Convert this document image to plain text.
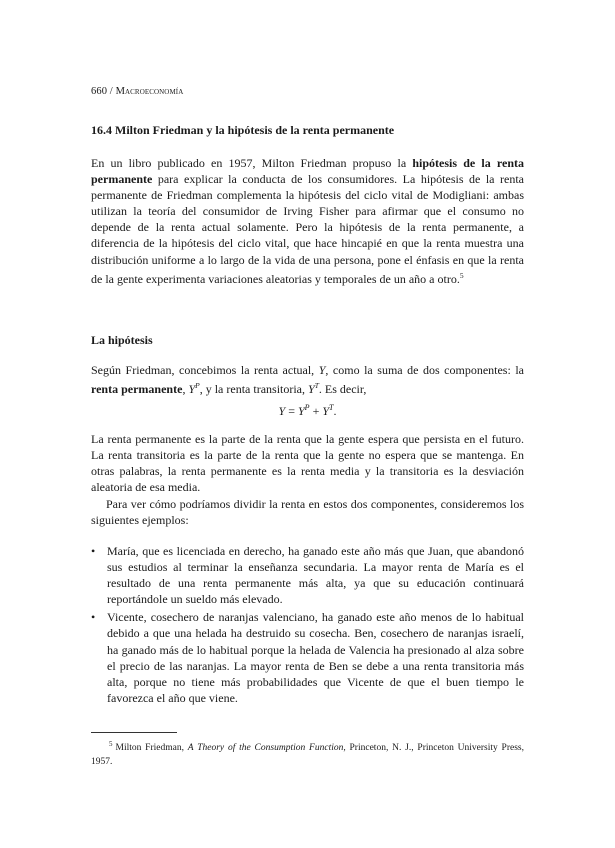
660 / Macroeconomía
16.4 Milton Friedman y la hipótesis de la renta permanente

En un libro publicado en 1957, Milton Friedman propuso la hipótesis de la renta permanente para explicar la conducta de los consumidores. La hipótesis de la renta permanente de Friedman complementa la hipótesis del ciclo vital de Modigliani: ambas utilizan la teoría del consumidor de Irving Fisher para afirmar que el consumo no depende de la renta actual solamente. Pero la hipótesis de la renta permanente, a diferencia de la hipótesis del ciclo vital, que hace hincapié en que la renta muestra una distribución uniforme a lo largo de la vida de una persona, pone el énfasis en que la renta de la gente experimenta variaciones aleatorias y temporales de un año a otro.$^5$

La hipótesis

Según Friedman, concebimos la renta actual, Y, como la suma de dos componentes: la renta permanente, $Y^P$, y la renta transitoria, $Y^T$. Es decir,

$Y = Y^P + Y^T$.

La renta permanente es la parte de la renta que la gente espera que persista en el futuro. La renta transitoria es la parte de la renta que la gente no espera que se mantenga. En otras palabras, la renta permanente es la renta media y la transitoria es la desviación aleatoria de esa media.

Para ver cómo podríamos dividir la renta en estos dos componentes, consideremos los siguientes ejemplos:

• María, que es licenciada en derecho, ha ganado este año más que Juan, que abandonó sus estudios al terminar la enseñanza secundaria. La mayor renta de María es el resultado de una renta permanente más alta, ya que su educación continuará reportándole un sueldo más elevado.

• Vicente, cosechero de naranjas valenciano, ha ganado este año menos de lo habitual debido a que una helada ha destruido su cosecha. Ben, cosechero de naranjas israelí, ha ganado más de lo habitual porque la helada de Valencia ha presionado al alza sobre el precio de las naranjas. La mayor renta de Ben se debe a una renta transitoria más alta, porque no tiene más probabilidades que Vicente de que el buen tiempo le favorezca el año que viene.

$^5$ Milton Friedman, A Theory of the Consumption Function, Princeton, N. J., Princeton University Press, 1957.
